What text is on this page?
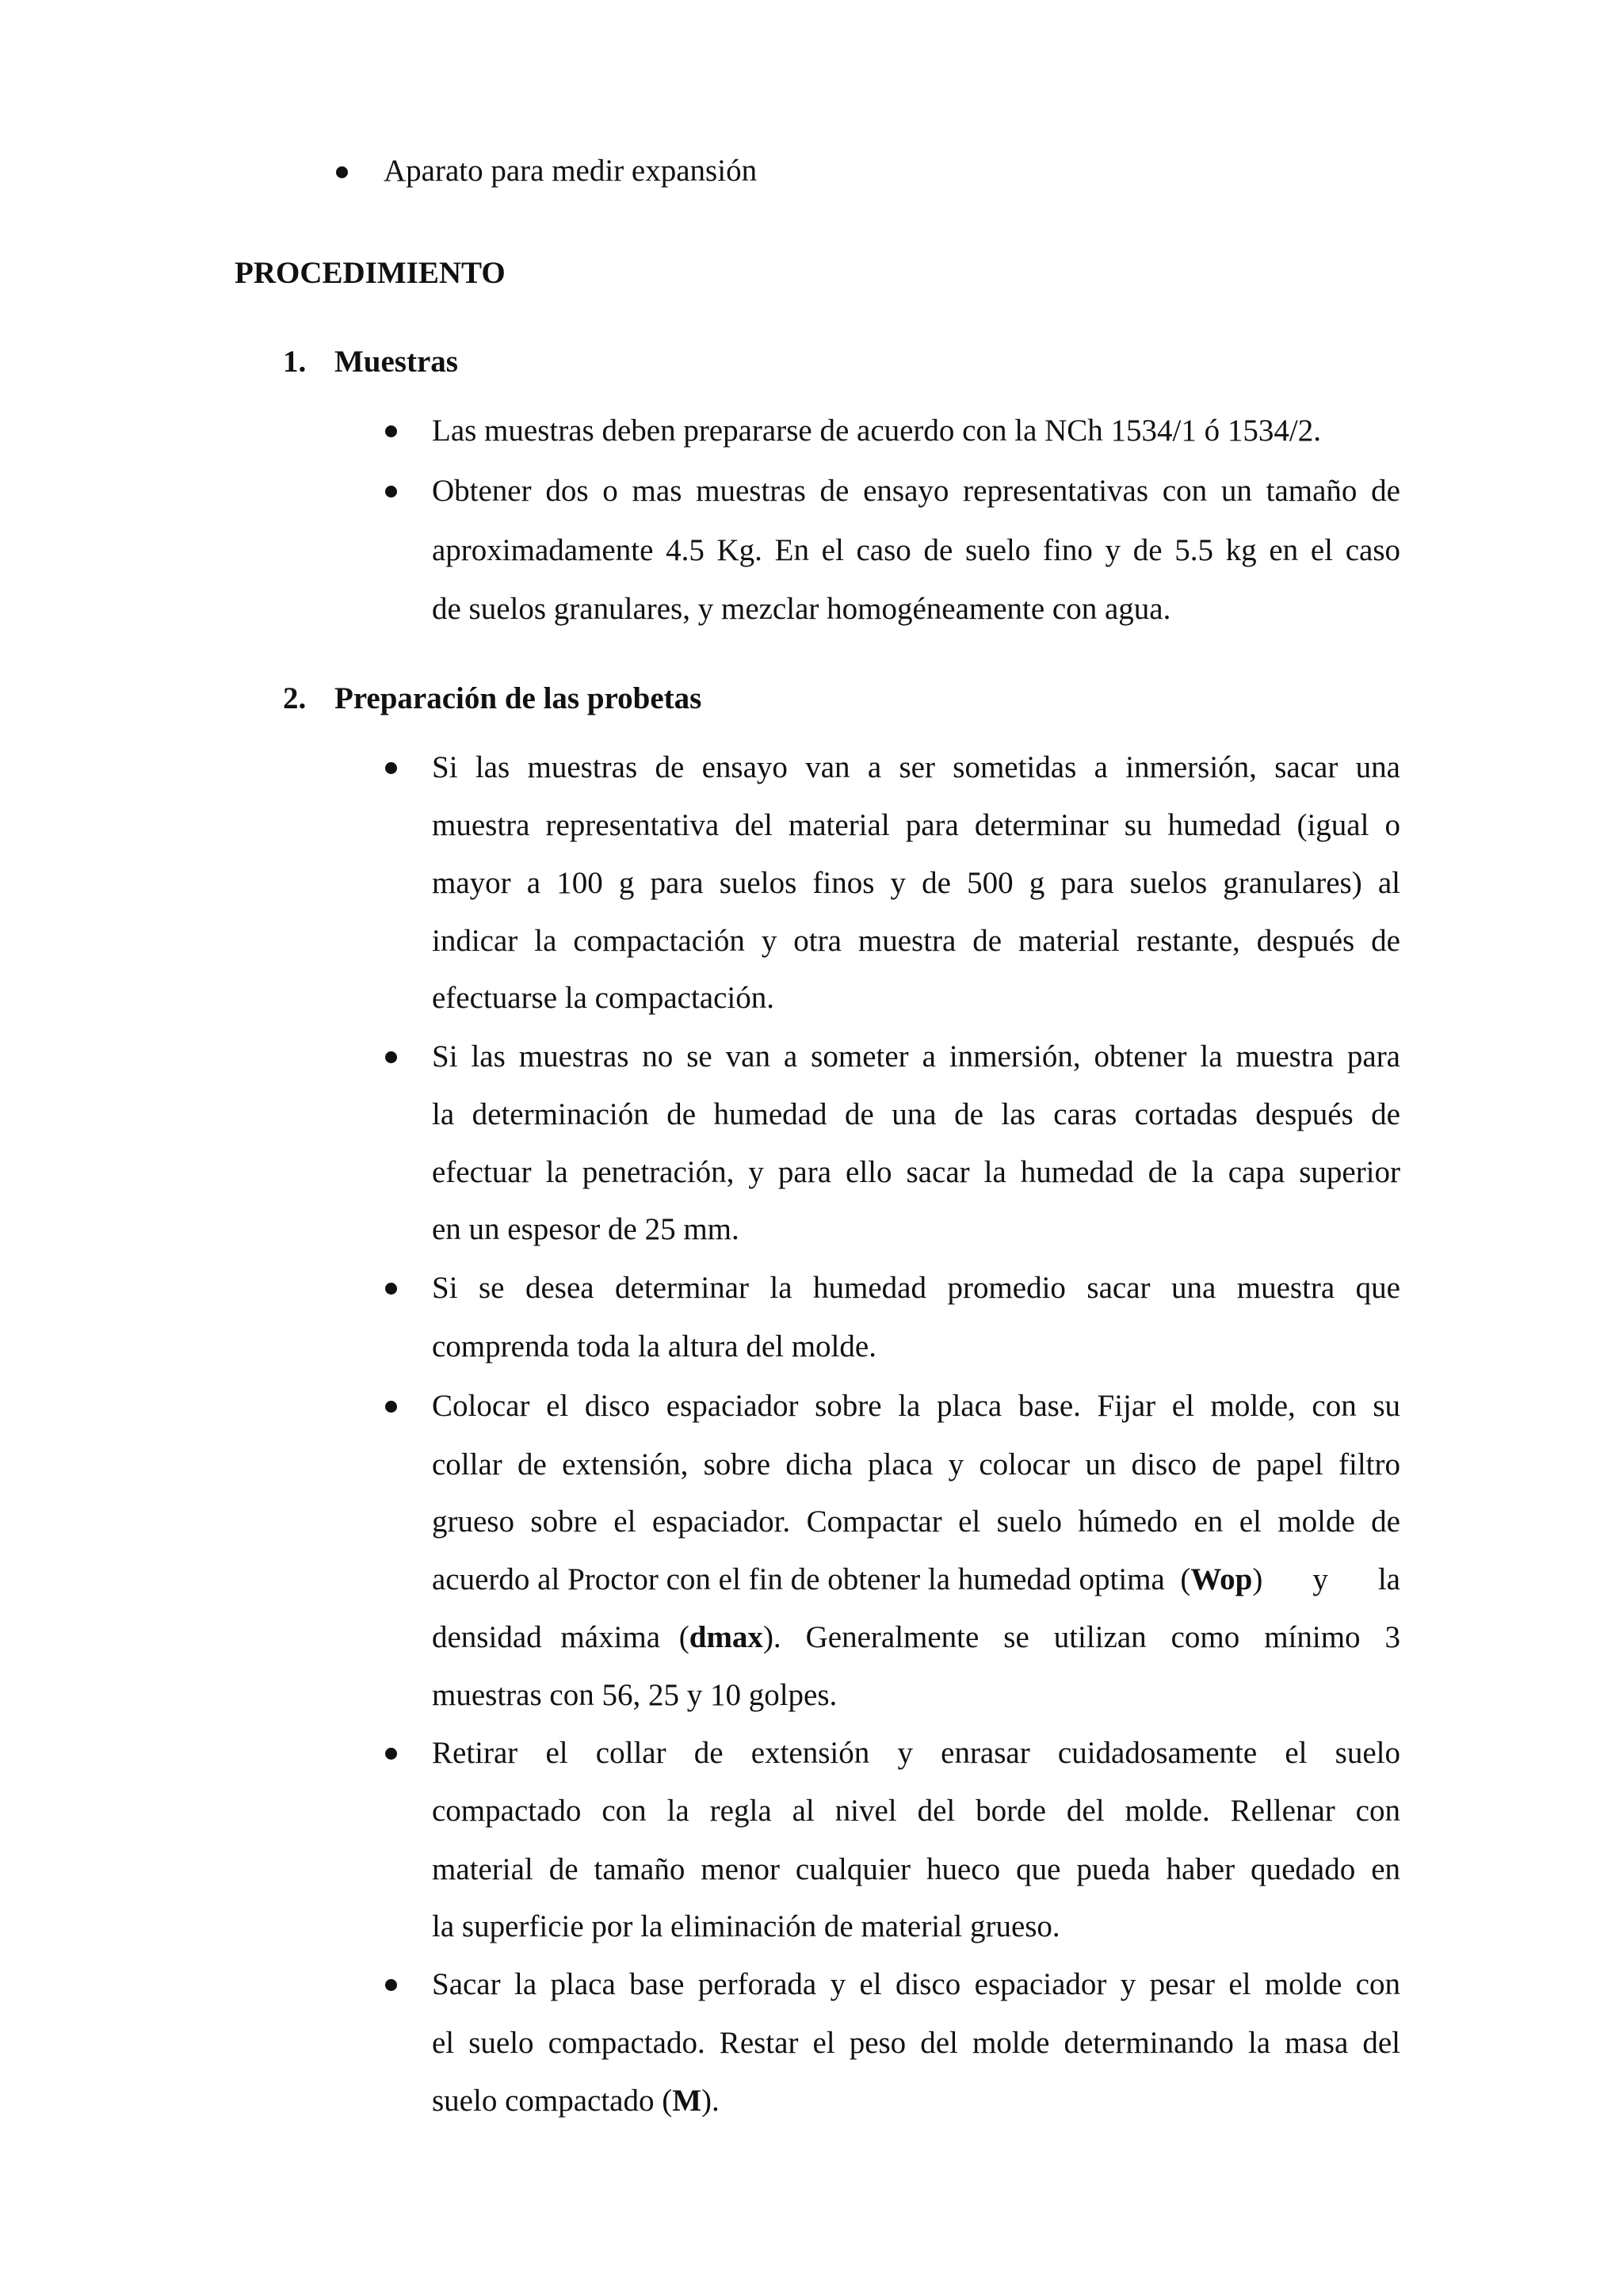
Aparato para medir expansión
PROCEDIMIENTO
1. Muestras
Las muestras deben prepararse de acuerdo con la NCh 1534/1 ó 1534/2.
Obtener dos o mas muestras de ensayo representativas con un tamaño de
aproximadamente 4.5 Kg. En el caso de suelo fino y de 5.5 kg en el caso
de suelos granulares, y mezclar homogéneamente con agua.
2. Preparación de las probetas
Si las muestras de ensayo van a ser sometidas a inmersión, sacar una
muestra representativa del material para determinar su humedad (igual o
mayor a 100 g para suelos finos y de 500 g para suelos granulares) al
indicar la compactación y otra muestra de material restante, después de
efectuarse la compactación.
Si las muestras no se van a someter a inmersión, obtener la muestra para
la determinación de humedad de una de las caras cortadas después de
efectuar la penetración, y para ello sacar la humedad de la capa superior
en un espesor de 25 mm.
Si se desea determinar la humedad promedio sacar una muestra que
comprenda toda la altura del molde.
Colocar el disco espaciador sobre la placa base. Fijar el molde, con su
collar de extensión, sobre dicha placa y colocar un disco de papel filtro
grueso sobre el espaciador. Compactar el suelo húmedo en el molde de
acuerdo al Proctor con el fin de obtener la humedad optima  ( Wop ) y la
densidad máxima ( dmax ). Generalmente se utilizan como mínimo 3
muestras con 56, 25 y 10 golpes.
Retirar el collar de extensión y enrasar cuidadosamente el suelo
compactado con la regla al nivel del borde del molde. Rellenar con
material de tamaño menor cualquier hueco que pueda haber quedado en
la superficie por la eliminación de material grueso.
Sacar la placa base perforada y el disco espaciador y pesar el molde con
el suelo compactado. Restar el peso del molde determinando la masa del
suelo compactado (M).
